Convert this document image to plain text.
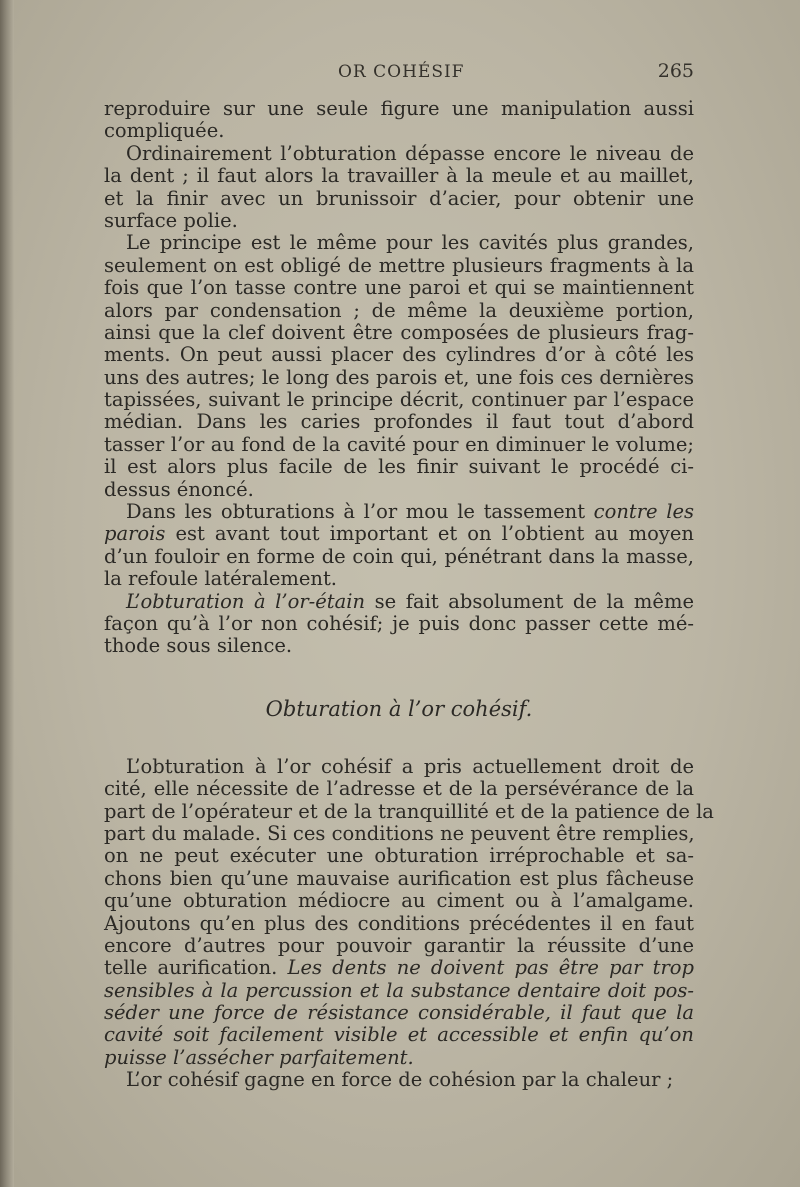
OR COHÉSIF	265
reproduire sur une seule figure une manipulation aussi
compliquée.
Ordinairement l’obturation dépasse encore le niveau de
la dent ; il faut alors la travailler à la meule et au maillet,
et la finir avec un brunissoir d’acier, pour obtenir une
surface polie.
Le principe est le même pour les cavités plus grandes,
seulement on est obligé de mettre plusieurs fragments à la
fois que l’on tasse contre une paroi et qui se maintiennent
alors par condensation ; de même la deuxième portion,
ainsi que la clef doivent être composées de plusieurs frag-
ments. On peut aussi placer des cylindres d’or à côté les
uns des autres; le long des parois et, une fois ces dernières
tapissées, suivant le principe décrit, continuer par l’espace
médian. Dans les caries profondes il faut tout d’abord
tasser l’or au fond de la cavité pour en diminuer le volume;
il est alors plus facile de les finir suivant le procédé ci-
dessus énoncé.
Dans les obturations à l’or mou le tassement contre les
parois est avant tout important et on l’obtient au moyen
d’un fouloir en forme de coin qui, pénétrant dans la masse,
la refoule latéralement.
L’obturation à l’or-étain se fait absolument de la même
façon qu’à l’or non cohésif; je puis donc passer cette mé-
thode sous silence.
Obturation à l’or cohésif.
L’obturation à l’or cohésif a pris actuellement droit de
cité, elle nécessite de l’adresse et de la persévérance de la
part de l’opérateur et de la tranquillité et de la patience de la
part du malade. Si ces conditions ne peuvent être remplies,
on ne peut exécuter une obturation irréprochable et sa-
chons bien qu’une mauvaise aurification est plus fâcheuse
qu’une obturation médiocre au ciment ou à l’amalgame.
Ajoutons qu’en plus des conditions précédentes il en faut
encore d’autres pour pouvoir garantir la réussite d’une
telle aurification. Les dents ne doivent pas être par trop
sensibles à la percussion et la substance dentaire doit pos-
séder une force de résistance considérable, il faut que la
cavité soit facilement visible et accessible et enfin qu’on
puisse l’assécher parfaitement.
L’or cohésif gagne en force de cohésion par la chaleur ;
